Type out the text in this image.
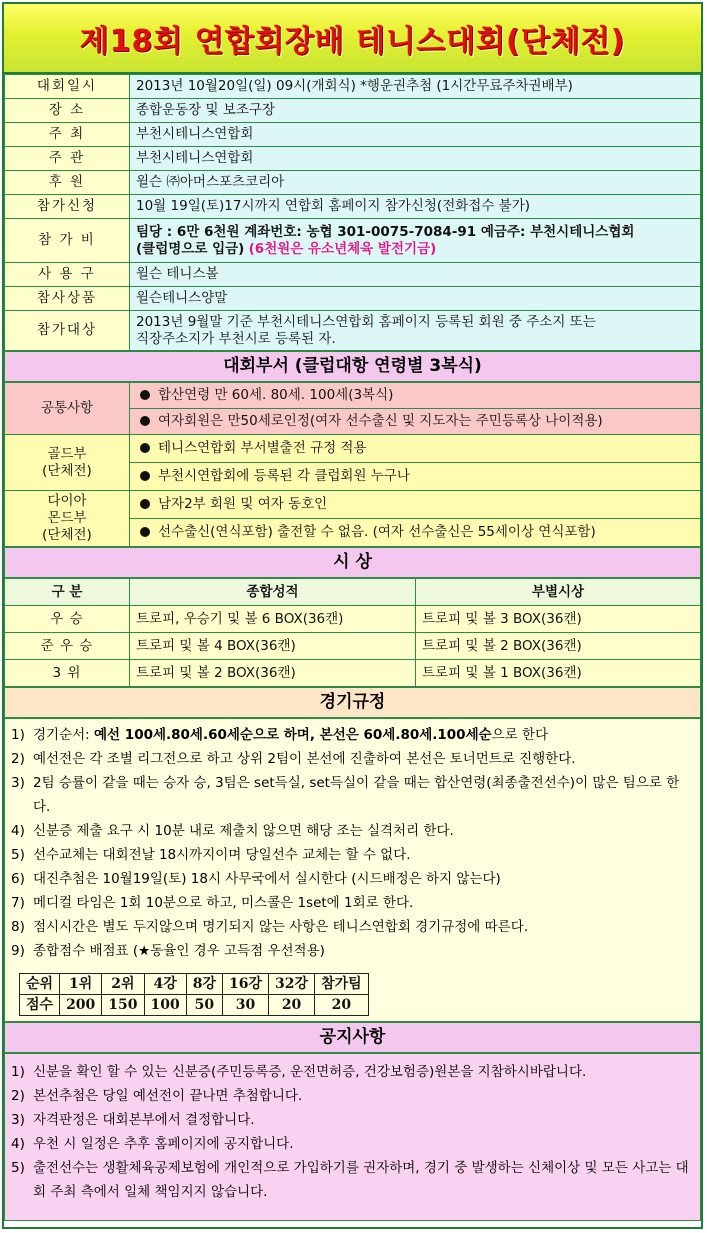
제18회 연합회장배 테니스대회(단체전)
대회일시	2013년 10월20일(일) 09시(개회식) *행운권추첨 (1시간무료주차권배부)
장 소	종합운동장 및 보조구장
주 최	부천시테니스연합회
주 관	부천시테니스연합회
후 원	윌슨 ㈜아머스포츠코리아
참가신청	10월 19일(토)17시까지 연합회 홈페이지 참가신청(전화접수 불가)
참 가 비	팀당 : 6만 6천원 계좌번호: 농협 301-0075-7084-91 예금주: 부천시테니스협회
(클럽명으로 입금) (6천원은 유소년체육 발전기금)

사 용 구	윌슨 테니스볼
참사상품	윌슨테니스양말
참가대상	2013년 9월말 기준 부천시테니스연합회 홈페이지 등록된 회원 중 주소지 또는
직장주소지가 부천시로 등록된 자.
대회부서 (클럽대항 연령별 3복식)
공통사항	합산연령 만 60세. 80세. 100세(3복식)
	여자회원은 만50세로인정(여자 선수출신 및 지도자는 주민등록상 나이적용)

골드부
(단체전)	테니스연합회 부서별출전 규정 적용
	부천시연합회에 등록된 각 클럽회원 누구나

다이아
몬드부
(단체전)	남자2부 회원 및 여자 동호인
	선수출신(연식포함) 출전할 수 없음. (여자 선수출신은 55세이상 연식포함)
시 상
구 분	종합성적	부별시상
우 승	트로피, 우승기 및 볼 6 BOX(36캔)	트로피 및 볼 3 BOX(36캔)
준 우 승	트로피 및 볼 4 BOX(36캔)	트로피 및 볼 2 BOX(36캔)
3 위	트로피 및 볼 2 BOX(36캔)	트로피 및 볼 1 BOX(36캔)
경기규정
1) 경기순서: 예선 100세.80세.60세순으로 하며, 본선은 60세.80세.100세순으로 한다
2) 예선전은 각 조별 리그전으로 하고 상위 2팀이 본선에 진출하여 본선은 토너먼트로 진행한다.
3) 2팀 승률이 같을 때는 승자 승, 3팀은 set득실, set득실이 같을 때는 합산연령(최종출전선수)이 많은 팀으로 한다.
4) 신분증 제출 요구 시 10분 내로 제출치 않으면 해당 조는 실격처리 한다.
5) 선수교체는 대회전날 18시까지이며 당일선수 교체는 할 수 없다.
6) 대진추첨은 10월19일(토) 18시 사무국에서 실시한다 (시드배정은 하지 않는다)
7) 메디컬 타임은 1회 10분으로 하고, 미스콜은 1set에 1회로 한다.
8) 점시시간은 별도 두지않으며 명기되지 않는 사항은 테니스연합회 경기규정에 따른다.
9) 종합점수 배점표 (★동율인 경우 고득점 우선적용)
순위	1위	2위	4강	8강	16강	32강	참가팀
점수	200	150	100	50	30	20	20
공지사항
1) 신분을 확인 할 수 있는 신분증(주민등록증, 운전면허증, 건강보험증)원본을 지참하시바랍니다.
2) 본선추첨은 당일 예선전이 끝나면 추첨합니다.
3) 자격판정은 대회본부에서 결정합니다.
4) 우천 시 일정은 추후 홈페이지에 공지합니다.
5) 출전선수는 생활체육공제보험에 개인적으로 가입하기를 권자하며, 경기 중 발생하는 신체이상 및 모든 사고는 대회 주최 측에서 일체 책임지지 않습니다.
